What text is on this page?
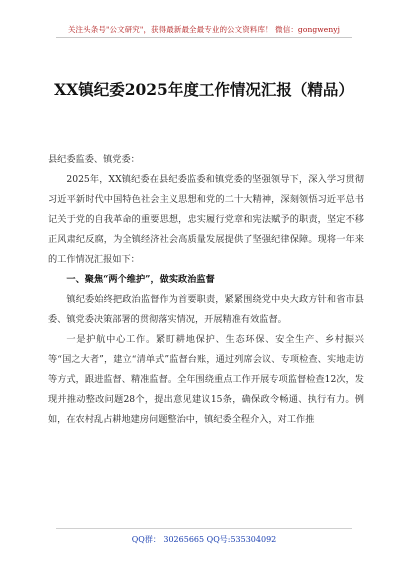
关注头条号"公文研究"，获得最新最全最专业的公文资料库！ 微信：gongwenyj
XX镇纪委2025年度工作情况汇报（精品）

县纪委监委、镇党委：

2025年，XX镇纪委在县纪委监委和镇党委的坚强领导下，深入学习贯彻习近平新时代中国特色社会主义思想和党的二十大精神，深刻领悟习近平总书记关于党的自我革命的重要思想，忠实履行党章和宪法赋予的职责，坚定不移正风肃纪反腐，为全镇经济社会高质量发展提供了坚强纪律保障。现将一年来的工作情况汇报如下：

一、聚焦“两个维护”，做实政治监督

镇纪委始终把政治监督作为首要职责，紧紧围绕党中央大政方针和省市县委、镇党委决策部署的贯彻落实情况，开展精准有效监督。

一是护航中心工作。紧盯耕地保护、生态环保、安全生产、乡村振兴等“国之大者”，建立“清单式”监督台账，通过列席会议、专项检查、实地走访等方式，跟进监督、精准监督。全年围绕重点工作开展专项监督检查12次，发现并推动整改问题28个，提出意见建议15条，确保政令畅通、执行有力。例如，在农村乱占耕地建房问题整治中，镇纪委全程介入，对工作推

QQ群： 30265665 QQ号:535304092
